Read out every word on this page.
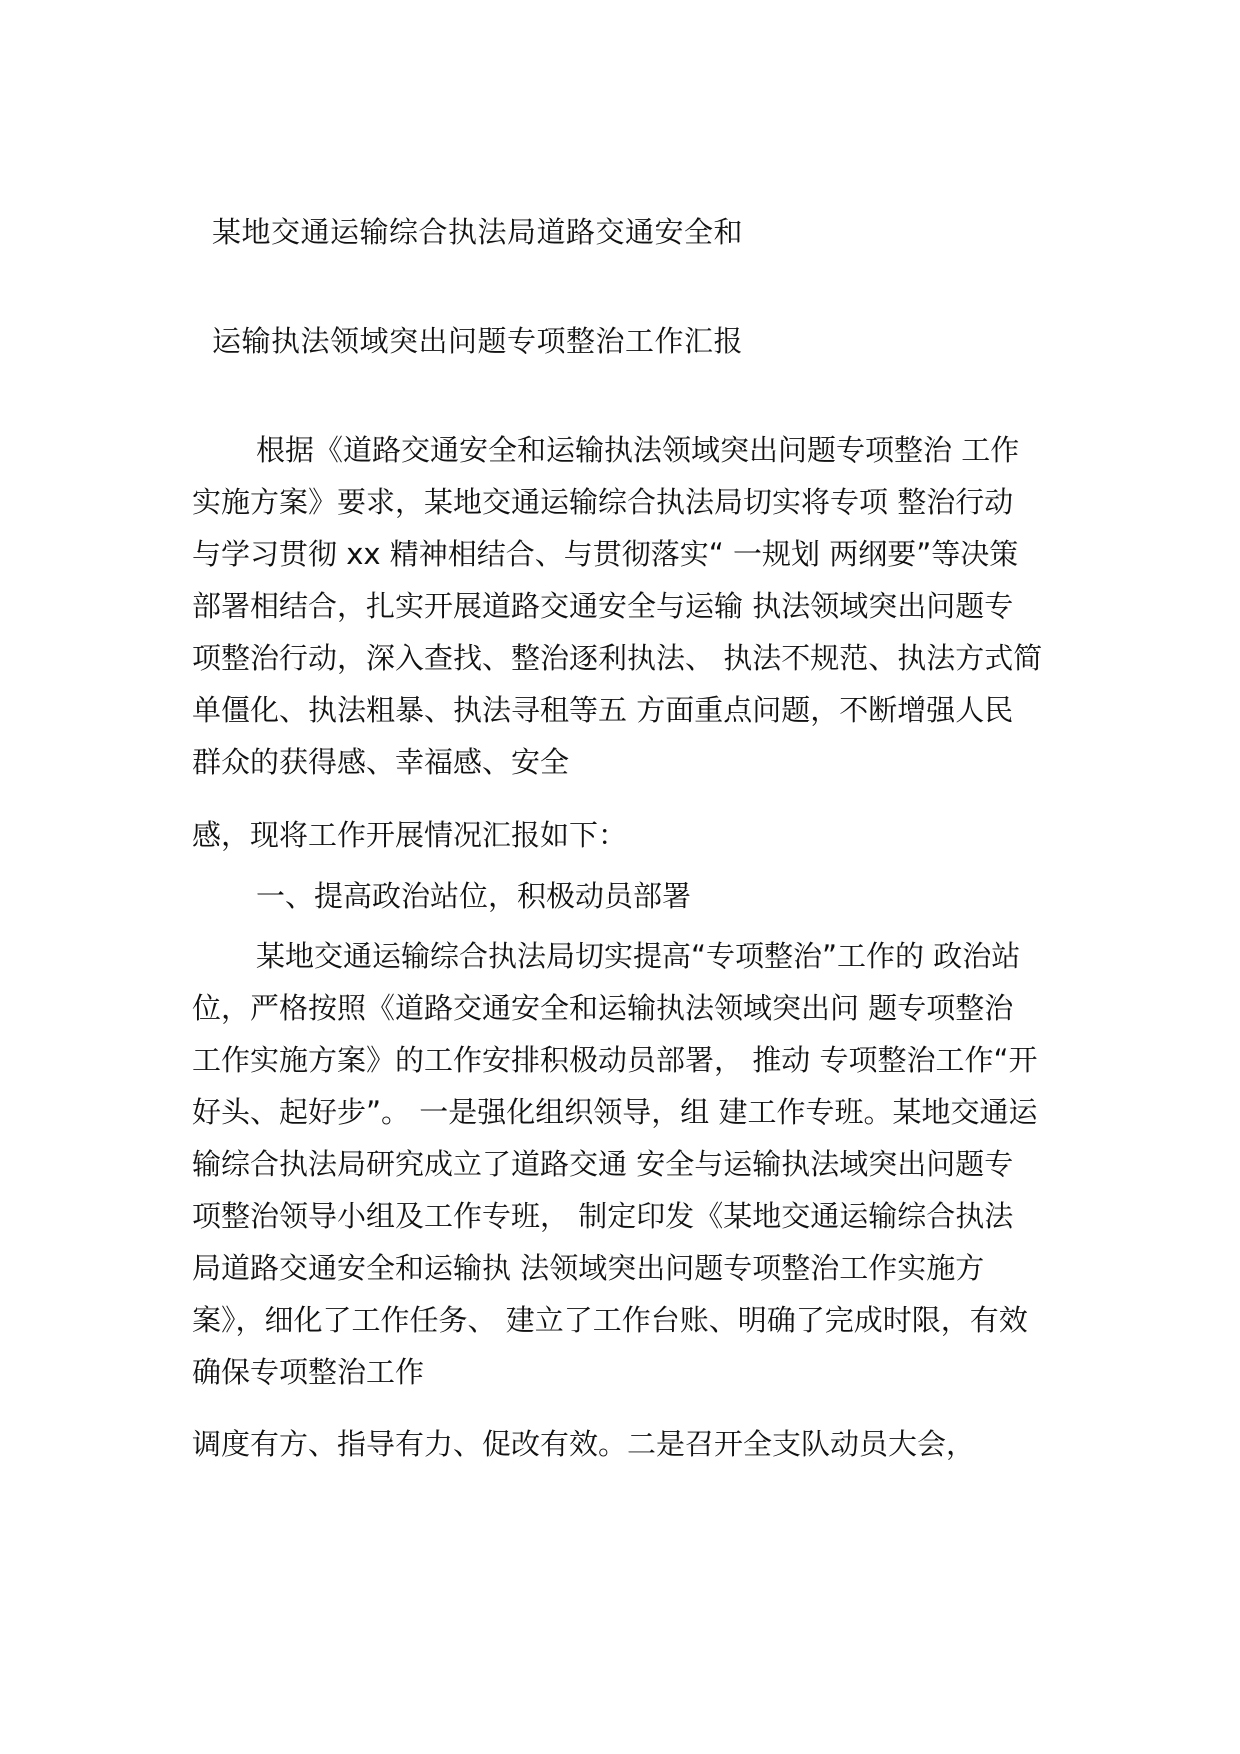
某地交通运输综合执法局道路交通安全和
运输执法领域突出问题专项整治工作汇报
根据《道路交通安全和运输执法领域突出问题专项整治 工作
实施方案》要求，某地交通运输综合执法局切实将专项 整治行动
与学习贯彻 xx 精神相结合、与贯彻落实“ 一规划 两纲要”等决策
部署相结合，扎实开展道路交通安全与运输 执法领域突出问题专
项整治行动，深入查找、整治逐利执法、 执法不规范、执法方式简
单僵化、执法粗暴、执法寻租等五 方面重点问题，不断增强人民
群众的获得感、幸福感、安全
感，现将工作开展情况汇报如下：
一、提高政治站位，积极动员部署
某地交通运输综合执法局切实提高“专项整治”工作的 政治站
位，严格按照《道路交通安全和运输执法领域突出问 题专项整治
工作实施方案》的工作安排积极动员部署， 推动 专项整治工作“开
好头、起好步”。 一是强化组织领导，组 建工作专班。某地交通运
输综合执法局研究成立了道路交通 安全与运输执法域突出问题专
项整治领导小组及工作专班， 制定印发《某地交通运输综合执法
局道路交通安全和运输执 法领域突出问题专项整治工作实施方
案》，细化了工作任务、 建立了工作台账、明确了完成时限，有效
确保专项整治工作
调度有方、指导有力、促改有效。二是召开全支队动员大会，
